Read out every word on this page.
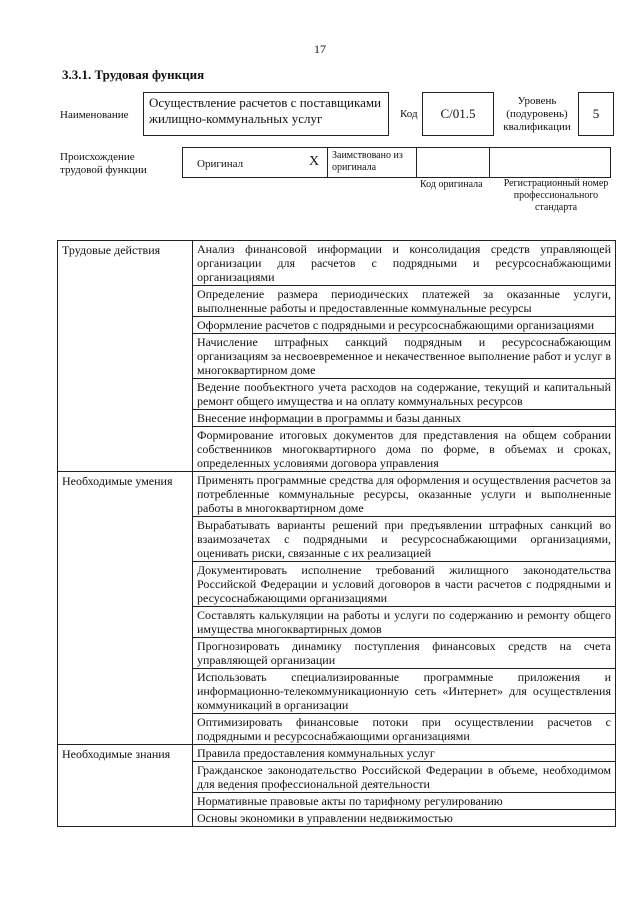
17
3.3.1. Трудовая функция
Наименование
Осуществление расчетов с поставщиками жилищно-коммунальных услуг	Код	С/01.5
Уровень (подуровень) квалификации
5
Происхождение трудовой функции	Оригинал	X	Заимствовано из оригинала
Код оригинала	Регистрационный номер профессионального стандарта
Трудовые действия	Анализ финансовой информации и консолидация средств управляющей организации для расчетов с подрядными и ресурсоснабжающими организациями
	Определение размера периодических платежей за оказанные услуги, выполненные работы и предоставленные коммунальные ресурсы
	Оформление расчетов с подрядными и ресурсоснабжающими организациями
	Начисление штрафных санкций подрядным и ресурсоснабжающим организациям за несвоевременное и некачественное выполнение работ и услуг в многоквартирном доме
	Ведение пообъектного учета расходов на содержание, текущий и капитальный ремонт общего имущества и на оплату коммунальных ресурсов
	Внесение информации в программы и базы данных
	Формирование итоговых документов для представления на общем собрании собственников многоквартирного дома по форме, в объемах и сроках, определенных условиями договора управления
Необходимые умения	Применять программные средства для оформления и осуществления расчетов за потребленные коммунальные ресурсы, оказанные услуги и выполненные работы в многоквартирном доме
	Вырабатывать варианты решений при предъявлении штрафных санкций во взаимозачетах с подрядными и ресурсоснабжающими организациями, оценивать риски, связанные с их реализацией
	Документировать исполнение требований жилищного законодательства Российской Федерации и условий договоров в части расчетов с подрядными и ресусоснабжающими организациями
	Составлять калькуляции на работы и услуги по содержанию и ремонту общего имущества многоквартирных домов
	Прогнозировать динамику поступления финансовых средств на счета управляющей организации
	Использовать специализированные программные приложения и информационно-телекоммуникационную сеть «Интернет» для осуществления коммуникаций в организации
	Оптимизировать финансовые потоки при осуществлении расчетов с подрядными и ресурсоснабжающими организациями
Необходимые знания	Правила предоставления коммунальных услуг
	Гражданское законодательство Российской Федерации в объеме, необходимом для ведения профессиональной деятельности
	Нормативные правовые акты по тарифному регулированию
	Основы экономики в управлении недвижимостью
